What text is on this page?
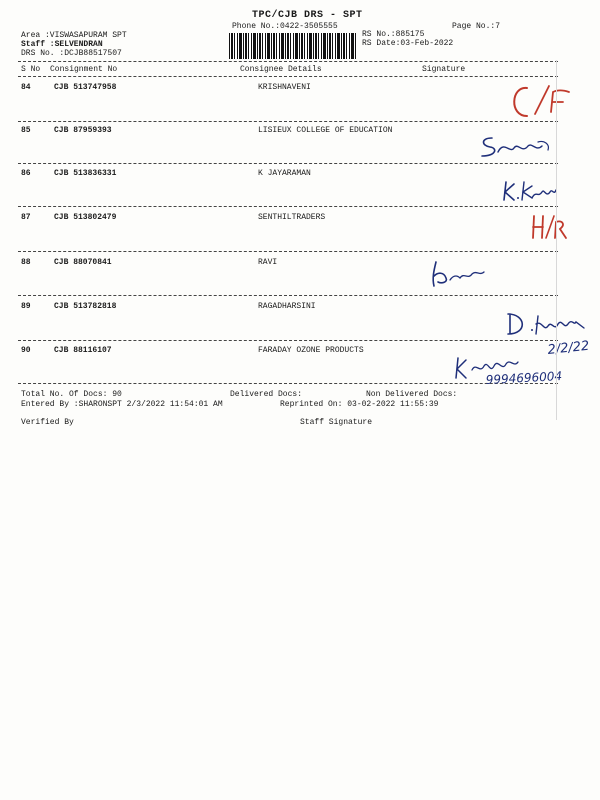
TPC/CJB DRS - SPT
Phone No.:0422-3505555	Page No.:7
Area :VISWASAPURAM SPT
Staff :SELVENDRAN
DRS No. :DCJB88517507
RS No.:885175
RS Date:03-Feb-2022
S No Consignment No	Consignee Details	Signature
84	CJB 513747958	KRISHNAVENI
85	CJB 87959393	LISIEUX COLLEGE OF EDUCATION
86	CJB 513836331	K JAYARAMAN
87	CJB 513802479	SENTHILTRADERS
88	CJB 88070841	RAVI
89	CJB 513782818	RAGADHARSINI
90	CJB 88116107	FARADAY OZONE PRODUCTS
C/F
H/R
2/2/22
9994696004
Total No. Of Docs: 90	Delivered Docs:	Non Delivered Docs:
Entered By :SHARONSPT 2/3/2022 11:54:01 AM	Reprinted On: 03-02-2022 11:55:39
Verified By	Staff Signature
